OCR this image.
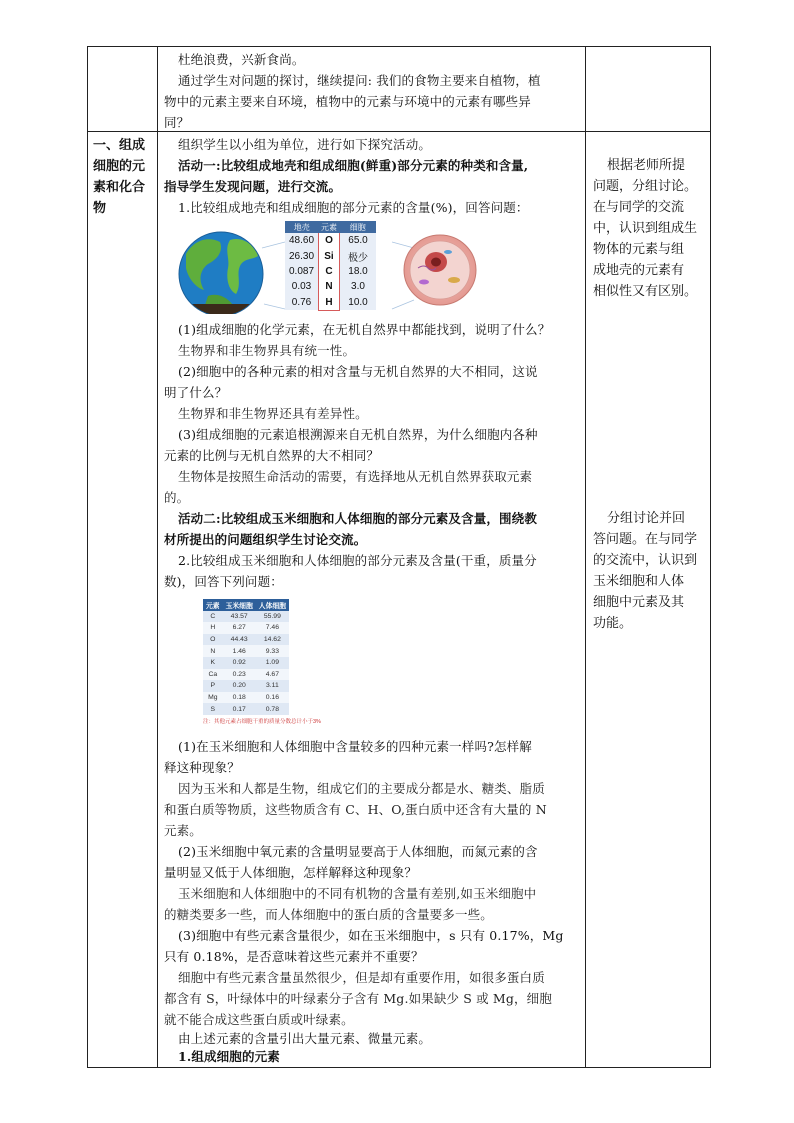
杜绝浪费，兴新食尚。
通过学生对问题的探讨，继续提问: 我们的食物主要来自植物，植
物中的元素主要来自环境，植物中的元素与环境中的元素有哪些异
同？
一、组成
细胞的元
素和化合
物
组织学生以小组为单位，进行如下探究活动。
活动一:比较组成地壳和组成细胞(鲜重)部分元素的种类和含量,
指导学生发现问题，进行交流。
1.比较组成地壳和组成细胞的部分元素的含量(%)，回答问题：
地壳	元素	细胞
48.60	O	65.0
26.30	Si	极少
0.087	C	18.0
0.03	N	3.0
0.76	H	10.0
(1)组成细胞的化学元素，在无机自然界中都能找到，说明了什么？
生物界和非生物界具有统一性。
(2)细胞中的各种元素的相对含量与无机自然界的大不相同，这说
明了什么？
生物界和非生物界还具有差异性。
(3)组成细胞的元素追根溯源来自无机自然界，为什么细胞内各种
元素的比例与无机自然界的大不相同？
生物体是按照生命活动的需要，有选择地从无机自然界获取元素
的。
活动二:比较组成玉米细胞和人体细胞的部分元素及含量，围绕教
材所提出的问题组织学生讨论交流。
2.比较组成玉米细胞和人体细胞的部分元素及含量(干重，质量分
数)，回答下列问题：
元素	玉米细胞	人体细胞
C	43.57	55.99
H	6.27	7.46
O	44.43	14.62
N	1.46	9.33
K	0.92	1.09
Ca	0.23	4.67
P	0.20	3.11
Mg	0.18	0.16
S	0.17	0.78
注：其他元素占细胞干重的质量分数总计小于3%
(1)在玉米细胞和人体细胞中含量较多的四种元素一样吗?怎样解
释这种现象？
因为玉米和人都是生物，组成它们的主要成分都是水、糖类、脂质
和蛋白质等物质，这些物质含有 C、H、O,蛋白质中还含有大量的 N
元素。
(2)玉米细胞中氧元素的含量明显要高于人体细胞，而氮元素的含
量明显又低于人体细胞，怎样解释这种现象？
玉米细胞和人体细胞中的不同有机物的含量有差别,如玉米细胞中
的糖类要多一些，而人体细胞中的蛋白质的含量要多一些。
(3)细胞中有些元素含量很少，如在玉米细胞中，s 只有 0.17%，Mg
只有 0.18%，是否意味着这些元素并不重要？
细胞中有些元素含量虽然很少，但是却有重要作用，如很多蛋白质
都含有 S，叶绿体中的叶绿素分子含有 Mg.如果缺少 S 或 Mg，细胞
就不能合成这些蛋白质或叶绿素。
由上述元素的含量引出大量元素、微量元素。
1.组成细胞的元素
根据老师所提
问题，分组讨论。
在与同学的交流
中，认识到组成生
物体的元素与组
成地壳的元素有
相似性又有区别。
分组讨论并回
答问题。在与同学
的交流中，认识到
玉米细胞和人体
细胞中元素及其
功能。
